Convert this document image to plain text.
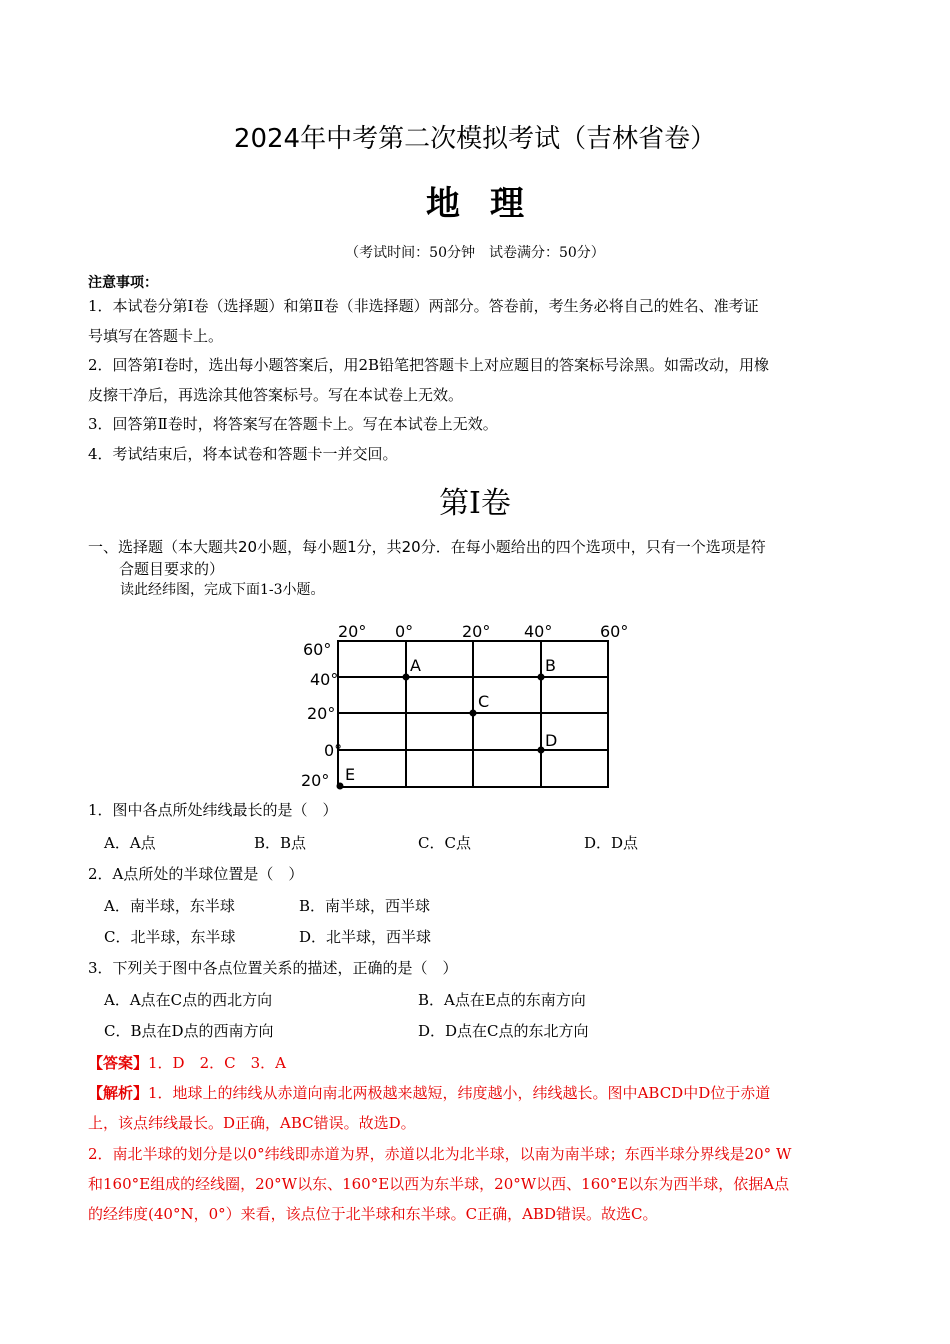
2024年中考第二次模拟考试（吉林省卷）
地理
（考试时间：50分钟　试卷满分：50分）
注意事项：
1．本试卷分第Ⅰ卷（选择题）和第Ⅱ卷（非选择题）两部分。答卷前，考生务必将自己的姓名、准考证
号填写在答题卡上。
2．回答第Ⅰ卷时，选出每小题答案后，用2B铅笔把答题卡上对应题目的答案标号涂黑。如需改动，用橡
皮擦干净后，再选涂其他答案标号。写在本试卷上无效。
3．回答第Ⅱ卷时，将答案写在答题卡上。写在本试卷上无效。
4．考试结束后，将本试卷和答题卡一并交回。
第Ⅰ卷
一、选择题（本大题共20小题，每小题1分，共20分．在每小题给出的四个选项中，只有一个选项是符
合题目要求的）
读此经纬图，完成下面1-3小题。
20° 0°	20° 40°	60°
60°
40°
20°
0°
20°
A	B
C
D
E
1．图中各点所处纬线最长的是（　）
A．A点	B．B点	C．C点	D．D点
2．A点所处的半球位置是（　）
A．南半球，东半球	B．南半球，西半球
C．北半球，东半球	D．北半球，西半球
3．下列关于图中各点位置关系的描述，正确的是（　）
A．A点在C点的西北方向	B．A点在E点的东南方向
C．B点在D点的西南方向	D．D点在C点的东北方向
【答案】1．D　2．C　3．A
【解析】1．地球上的纬线从赤道向南北两极越来越短，纬度越小，纬线越长。图中ABCD中D位于赤道
上，该点纬线最长。D正确，ABC错误。故选D。
2．南北半球的划分是以0°纬线即赤道为界，赤道以北为北半球，以南为南半球；东西半球分界线是20° W
和160°E组成的经线圈，20°W以东、160°E以西为东半球，20°W以西、160°E以东为西半球，依据A点
的经纬度(40°N，0°）来看，该点位于北半球和东半球。C正确，ABD错误。故选C。
